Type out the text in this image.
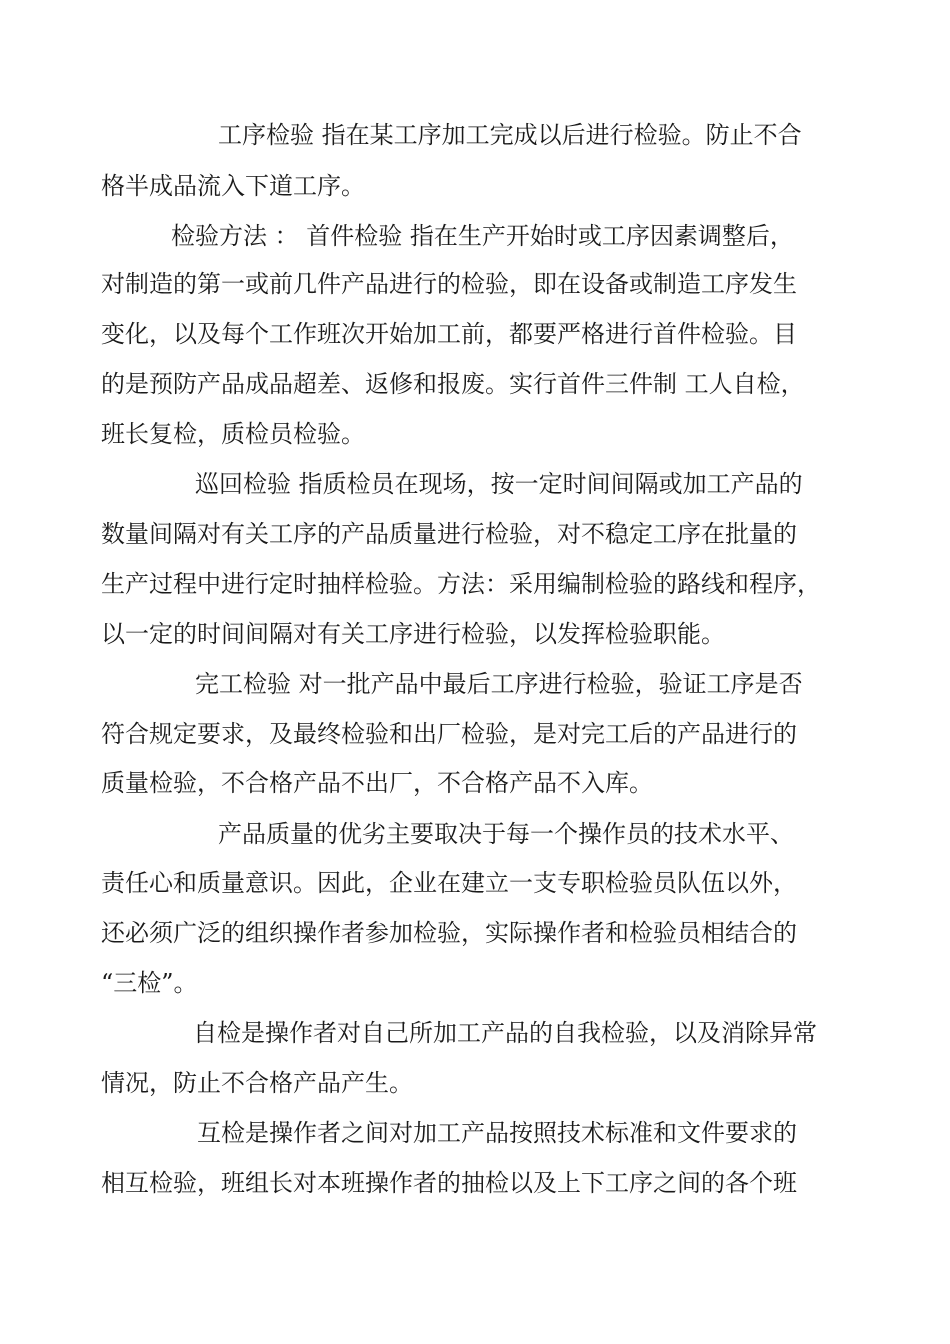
工序检验 指在某工序加工完成以后进行检验。防止不合
格半成品流入下道工序。
检验方法 ： 首件检验 指在生产开始时或工序因素调整后，
对制造的第一或前几件产品进行的检验，即在设备或制造工序发生
变化，以及每个工作班次开始加工前，都要严格进行首件检验。目
的是预防产品成品超差、返修和报废。实行首件三件制 工人自检，
班长复检，质检员检验。
巡回检验 指质检员在现场，按一定时间间隔或加工产品的
数量间隔对有关工序的产品质量进行检验，对不稳定工序在批量的
生产过程中进行定时抽样检验。方法：采用编制检验的路线和程序，
以一定的时间间隔对有关工序进行检验，以发挥检验职能。
完工检验 对一批产品中最后工序进行检验，验证工序是否
符合规定要求，及最终检验和出厂检验，是对完工后的产品进行的
质量检验，不合格产品不出厂，不合格产品不入库。
产品质量的优劣主要取决于每一个操作员的技术水平、
责任心和质量意识。因此，企业在建立一支专职检验员队伍以外，
还必须广泛的组织操作者参加检验，实际操作者和检验员相结合的
“三检”。
自检是操作者对自己所加工产品的自我检验，以及消除异常
情况，防止不合格产品产生。
互检是操作者之间对加工产品按照技术标准和文件要求的
相互检验，班组长对本班操作者的抽检以及上下工序之间的各个班
